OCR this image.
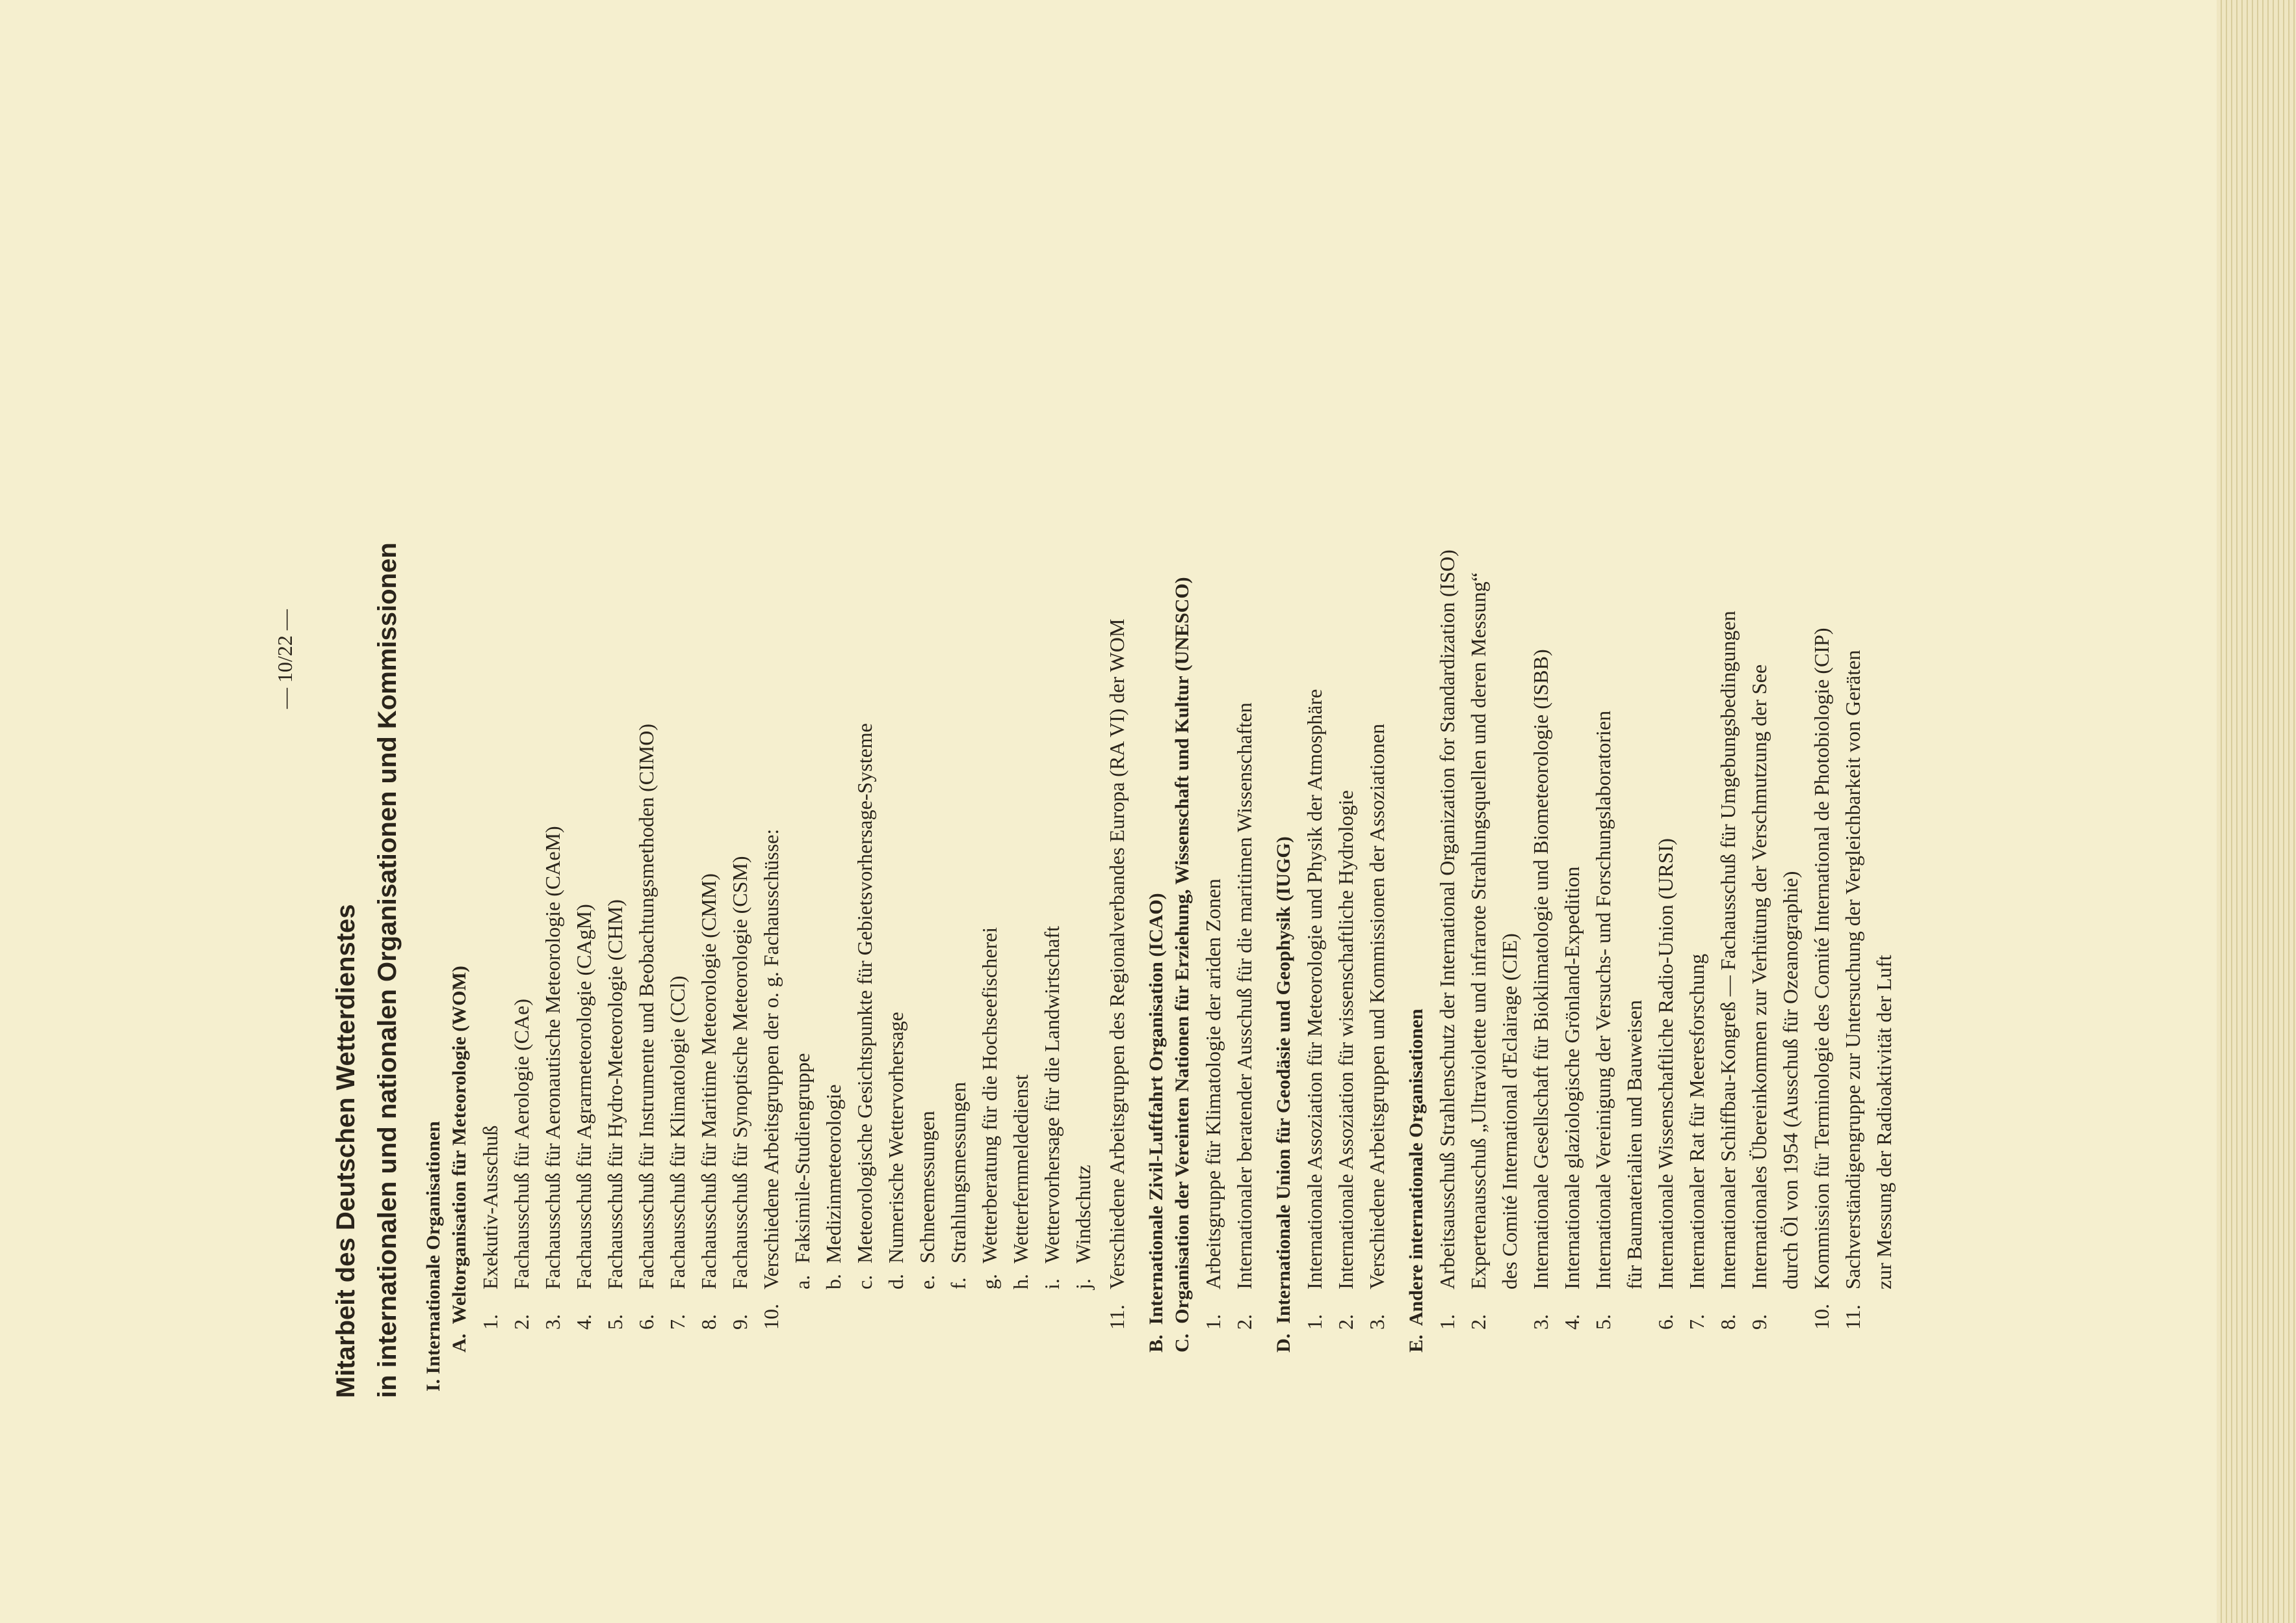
— 10/22 —
Mitarbeit des Deutschen Wetterdienstes in internationalen und nationalen Organisationen und Kommissionen	I. Internationale Organisationen A.  Weltorganisation für Meteorologie (WOM) 1.Exekutiv-Ausschuß
2.Fachausschuß für Aerologie (CAe)
3.Fachausschuß für Aeronautische Meteorologie (CAeM)
4.Fachausschuß für Agrarmeteorologie (CAgM)
5.Fachausschuß für Hydro-Meteorologie (CHM)
6.Fachausschuß für Instrumente und Beobachtungsmethoden (CIMO)
7.Fachausschuß für Klimatologie (CCl)
8.Fachausschuß für Maritime Meteorologie (CMM)
9.Fachausschuß für Synoptische Meteorologie (CSM)
10.Verschiedene Arbeitsgruppen der o. g. Fachausschüsse: a.Faksimile-Studiengruppe
b.Medizinmeteorologie
c.Meteorologische Gesichtspunkte für Gebietsvorhersage-Systeme
d.Numerische Wettervorhersage
e.Schneemessungen
f.Strahlungsmessungen
g.Wetterberatung für die Hochseefischerei
h.Wetterfernmeldedienst
i.Wettervorhersage für die Landwirtschaft
j.Windschutz
11.Verschiedene Arbeitsgruppen des Regionalverbandes Europa (RA VI) der WOM
B.  Internationale Zivil-Luftfahrt Organisation (ICAO)
C.  Organisation der Vereinten Nationen für Erziehung, Wissenschaft und Kultur (UNESCO) 1.Arbeitsgruppe für Klimatologie der ariden Zonen
2.Internationaler beratender Ausschuß für die maritimen Wissenschaften
D.  Internationale Union für Geodäsie und Geophysik (IUGG) 1.Internationale Assoziation für Meteorologie und Physik der Atmosphäre
2.Internationale Assoziation für wissenschaftliche Hydrologie
3.Verschiedene Arbeitsgruppen und Kommissionen der Assoziationen
E.  Andere internationale Organisationen 1.Arbeitsausschuß Strahlenschutz der International Organization for Standardization (ISO)
2.Expertenausschuß „Ultraviolette und infrarote Strahlungsquellen und deren Messung“ des Comité International d'Eclairage (CIE)
3.Internationale Gesellschaft für Bioklimatologie und Biometeorologie (ISBB)
4.Internationale glaziologische Grönland-Expedition
5.Internationale Vereinigung der Versuchs- und Forschungslaboratorien für Baumaterialien und Bauweisen
6.Internationale Wissenschaftliche Radio-Union (URSI)
7.Internationaler Rat für Meeresforschung
8.Internationaler Schiffbau-Kongreß — Fachausschuß für Umgebungsbedingungen
9.Internationales Übereinkommen zur Verhütung der Verschmutzung der See durch Öl von 1954 (Ausschuß für Ozeanographie)
10.Kommission für Terminologie des Comité International de Photobiologie (CIP)
11.Sachverständigengruppe zur Untersuchung der Vergleichbarkeit von Geräten zur Messung der Radioaktivität der Luft
